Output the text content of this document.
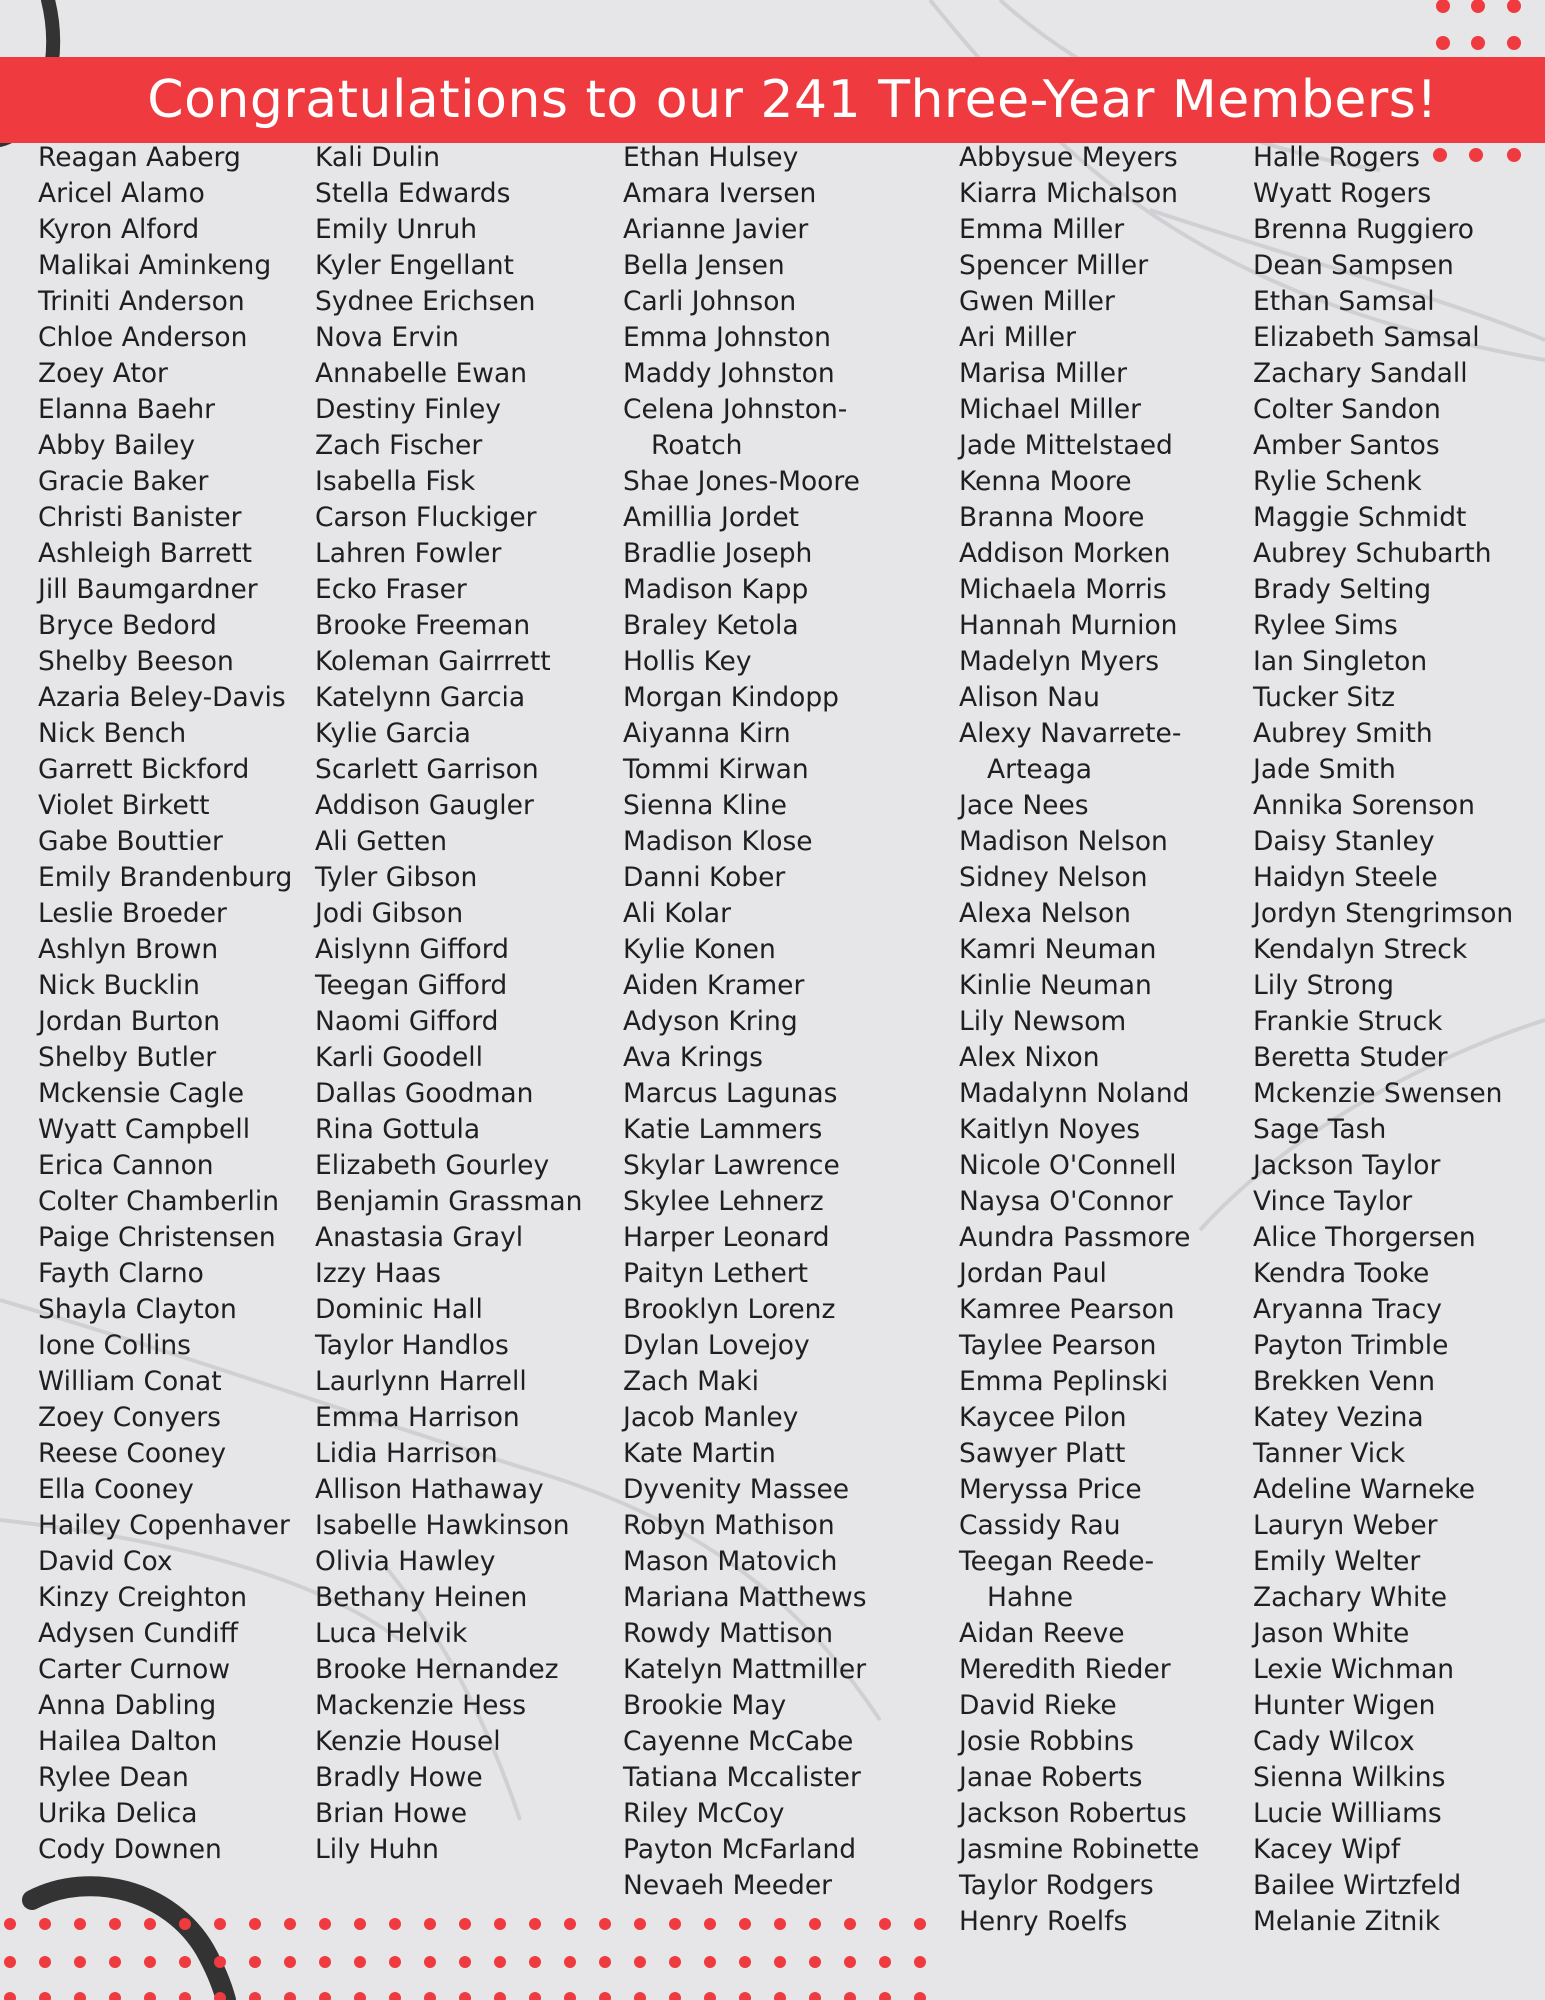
Congratulations to our 241 Three-Year Members!
Reagan Aaberg
Aricel Alamo
Kyron Alford
Malikai Aminkeng
Triniti Anderson
Chloe Anderson
Zoey Ator
Elanna Baehr
Abby Bailey
Gracie Baker
Christi Banister
Ashleigh Barrett
Jill Baumgardner
Bryce Bedord
Shelby Beeson
Azaria Beley-Davis
Nick Bench
Garrett Bickford
Violet Birkett
Gabe Bouttier
Emily Brandenburg
Leslie Broeder
Ashlyn Brown
Nick Bucklin
Jordan Burton
Shelby Butler
Mckensie Cagle
Wyatt Campbell
Erica Cannon
Colter Chamberlin
Paige Christensen
Fayth Clarno
Shayla Clayton
Ione Collins
William Conat
Zoey Conyers
Reese Cooney
Ella Cooney
Hailey Copenhaver
David Cox
Kinzy Creighton
Adysen Cundiff
Carter Curnow
Anna Dabling
Hailea Dalton
Rylee Dean
Urika Delica
Cody Downen
Kali Dulin
Stella Edwards
Emily Unruh
Kyler Engellant
Sydnee Erichsen
Nova Ervin
Annabelle Ewan
Destiny Finley
Zach Fischer
Isabella Fisk
Carson Fluckiger
Lahren Fowler
Ecko Fraser
Brooke Freeman
Koleman Gairrrett
Katelynn Garcia
Kylie Garcia
Scarlett Garrison
Addison Gaugler
Ali Getten
Tyler Gibson
Jodi Gibson
Aislynn Gifford
Teegan Gifford
Naomi Gifford
Karli Goodell
Dallas Goodman
Rina Gottula
Elizabeth Gourley
Benjamin Grassman
Anastasia Grayl
Izzy Haas
Dominic Hall
Taylor Handlos
Laurlynn Harrell
Emma Harrison
Lidia Harrison
Allison Hathaway
Isabelle Hawkinson
Olivia Hawley
Bethany Heinen
Luca Helvik
Brooke Hernandez
Mackenzie Hess
Kenzie Housel
Bradly Howe
Brian Howe
Lily Huhn
Ethan Hulsey
Amara Iversen
Arianne Javier
Bella Jensen
Carli Johnson
Emma Johnston
Maddy Johnston
Celena Johnston-
Roatch
Shae Jones-Moore
Amillia Jordet
Bradlie Joseph
Madison Kapp
Braley Ketola
Hollis Key
Morgan Kindopp
Aiyanna Kirn
Tommi Kirwan
Sienna Kline
Madison Klose
Danni Kober
Ali Kolar
Kylie Konen
Aiden Kramer
Adyson Kring
Ava Krings
Marcus Lagunas
Katie Lammers
Skylar Lawrence
Skylee Lehnerz
Harper Leonard
Paityn Lethert
Brooklyn Lorenz
Dylan Lovejoy
Zach Maki
Jacob Manley
Kate Martin
Dyvenity Massee
Robyn Mathison
Mason Matovich
Mariana Matthews
Rowdy Mattison
Katelyn Mattmiller
Brookie May
Cayenne McCabe
Tatiana Mccalister
Riley McCoy
Payton McFarland
Nevaeh Meeder
Abbysue Meyers
Kiarra Michalson
Emma Miller
Spencer Miller
Gwen Miller
Ari Miller
Marisa Miller
Michael Miller
Jade Mittelstaed
Kenna Moore
Branna Moore
Addison Morken
Michaela Morris
Hannah Murnion
Madelyn Myers
Alison Nau
Alexy Navarrete-
Arteaga
Jace Nees
Madison Nelson
Sidney Nelson
Alexa Nelson
Kamri Neuman
Kinlie Neuman
Lily Newsom
Alex Nixon
Madalynn Noland
Kaitlyn Noyes
Nicole O'Connell
Naysa O'Connor
Aundra Passmore
Jordan Paul
Kamree Pearson
Taylee Pearson
Emma Peplinski
Kaycee Pilon
Sawyer Platt
Meryssa Price
Cassidy Rau
Teegan Reede-
Hahne
Aidan Reeve
Meredith Rieder
David Rieke
Josie Robbins
Janae Roberts
Jackson Robertus
Jasmine Robinette
Taylor Rodgers
Henry Roelfs
Halle Rogers
Wyatt Rogers
Brenna Ruggiero
Dean Sampsen
Ethan Samsal
Elizabeth Samsal
Zachary Sandall
Colter Sandon
Amber Santos
Rylie Schenk
Maggie Schmidt
Aubrey Schubarth
Brady Selting
Rylee Sims
Ian Singleton
Tucker Sitz
Aubrey Smith
Jade Smith
Annika Sorenson
Daisy Stanley
Haidyn Steele
Jordyn Stengrimson
Kendalyn Streck
Lily Strong
Frankie Struck
Beretta Studer
Mckenzie Swensen
Sage Tash
Jackson Taylor
Vince Taylor
Alice Thorgersen
Kendra Tooke
Aryanna Tracy
Payton Trimble
Brekken Venn
Katey Vezina
Tanner Vick
Adeline Warneke
Lauryn Weber
Emily Welter
Zachary White
Jason White
Lexie Wichman
Hunter Wigen
Cady Wilcox
Sienna Wilkins
Lucie Williams
Kacey Wipf
Bailee Wirtzfeld
Melanie Zitnik
